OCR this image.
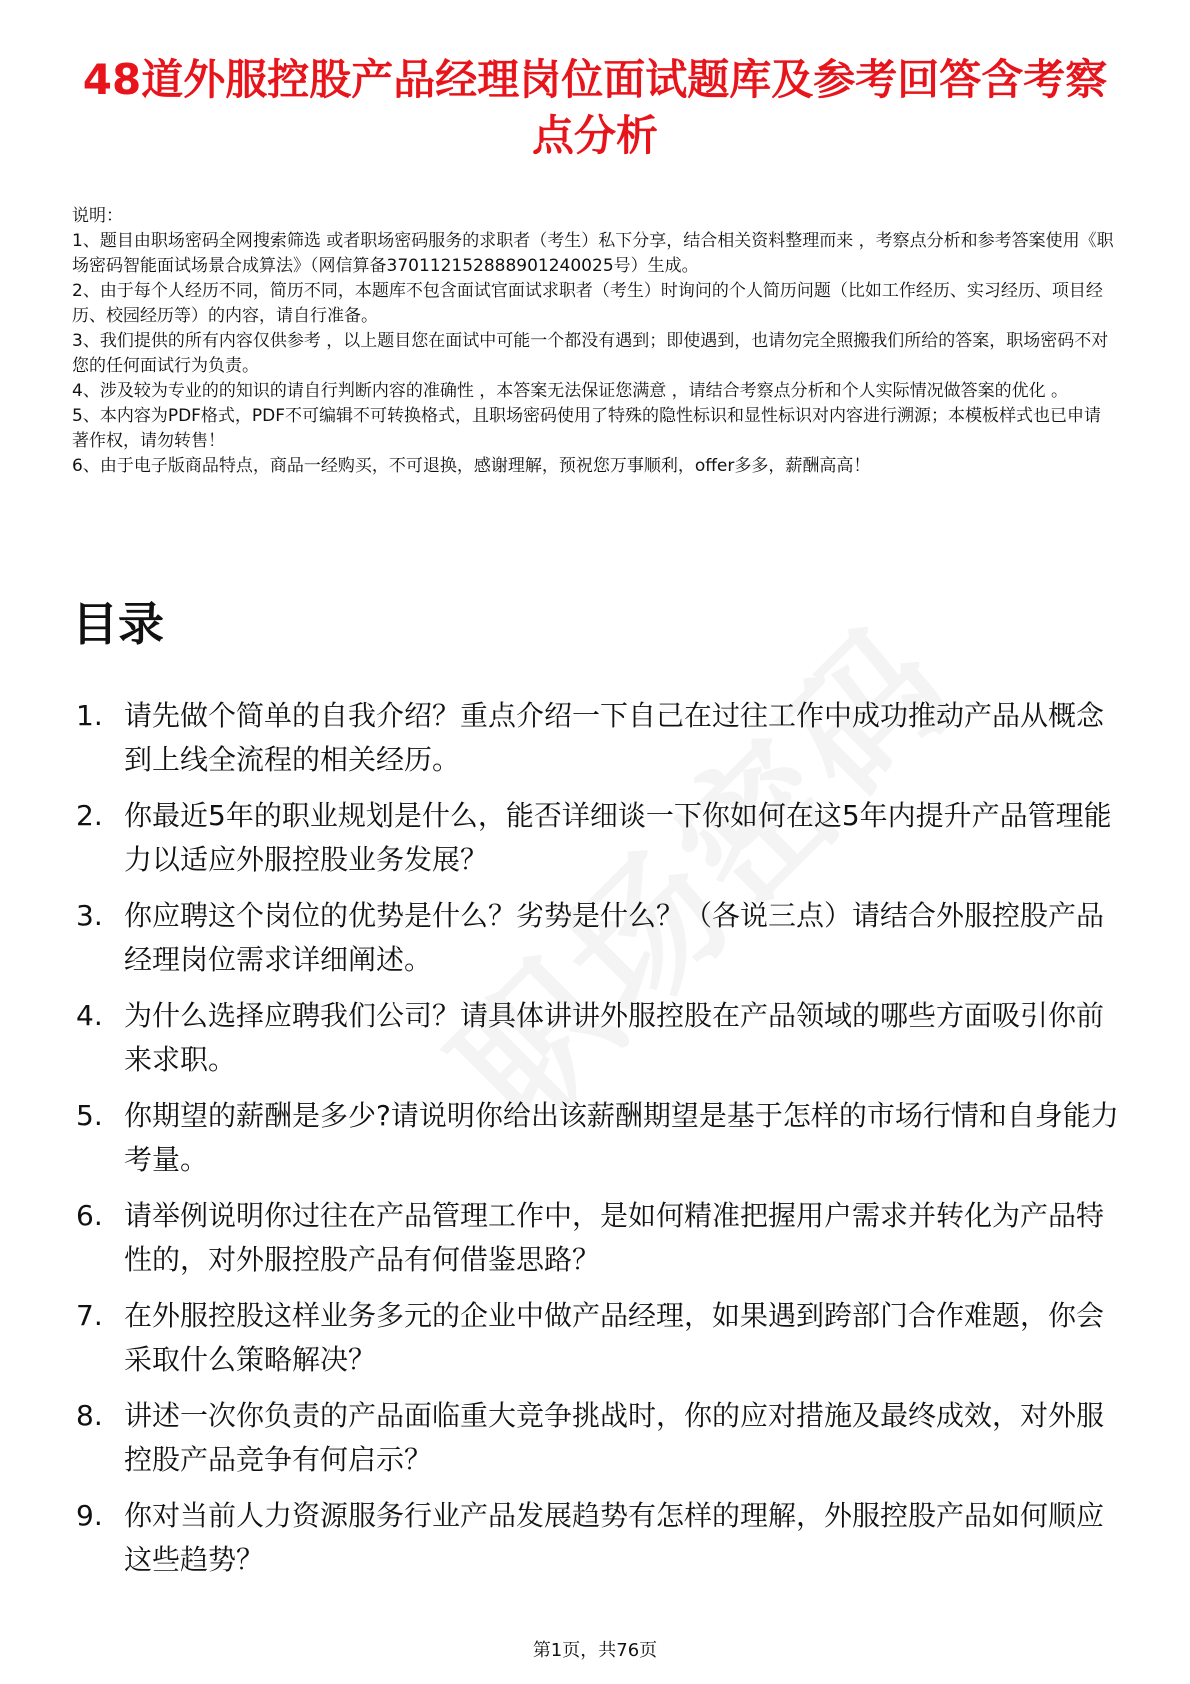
48道外服控股产品经理岗位面试题库及参考回答含考察点分析

说明：

1、题目由职场密码全网搜索筛选 或者职场密码服务的求职者（考生）私下分享，结合相关资料整理而来 ，考察点分析和参考答案使用《职场密码智能面试场景合成算法》（网信算备370112152888901240025号）生成。

2、由于每个人经历不同，简历不同，本题库不包含面试官面试求职者（考生）时询问的个人简历问题（比如工作经历、实习经历、项目经历、校园经历等）的内容，请自行准备。

3、我们提供的所有内容仅供参考 ，以上题目您在面试中可能一个都没有遇到；即使遇到，也请勿完全照搬我们所给的答案，职场密码不对您的任何面试行为负责。

4、涉及较为专业的的知识的请自行判断内容的准确性 ，本答案无法保证您满意 ，请结合考察点分析和个人实际情况做答案的优化 。

5、本内容为PDF格式，PDF不可编辑不可转换格式，且职场密码使用了特殊的隐性标识和显性标识对内容进行溯源；本模板样式也已申请著作权，请勿转售！

6、由于电子版商品特点，商品一经购买，不可退换，感谢理解，预祝您万事顺利，offer多多，薪酬高高！

目录
1. 请先做个简单的自我介绍？重点介绍一下自己在过往工作中成功推动产品从概念到上线全流程的相关经历。
2. 你最近5年的职业规划是什么，能否详细谈一下你如何在这5年内提升产品管理能力以适应外服控股业务发展？
3. 你应聘这个岗位的优势是什么？劣势是什么？（各说三点）请结合外服控股产品经理岗位需求详细阐述。
4. 为什么选择应聘我们公司？请具体讲讲外服控股在产品领域的哪些方面吸引你前来求职。
5. 你期望的薪酬是多少?请说明你给出该薪酬期望是基于怎样的市场行情和自身能力考量。
6. 请举例说明你过往在产品管理工作中，是如何精准把握用户需求并转化为产品特性的，对外服控股产品有何借鉴思路？
7. 在外服控股这样业务多元的企业中做产品经理，如果遇到跨部门合作难题，你会采取什么策略解决？
8. 讲述一次你负责的产品面临重大竞争挑战时，你的应对措施及最终成效，对外服控股产品竞争有何启示？
9. 你对当前人力资源服务行业产品发展趋势有怎样的理解，外服控股产品如何顺应这些趋势？
第1页，共76页
